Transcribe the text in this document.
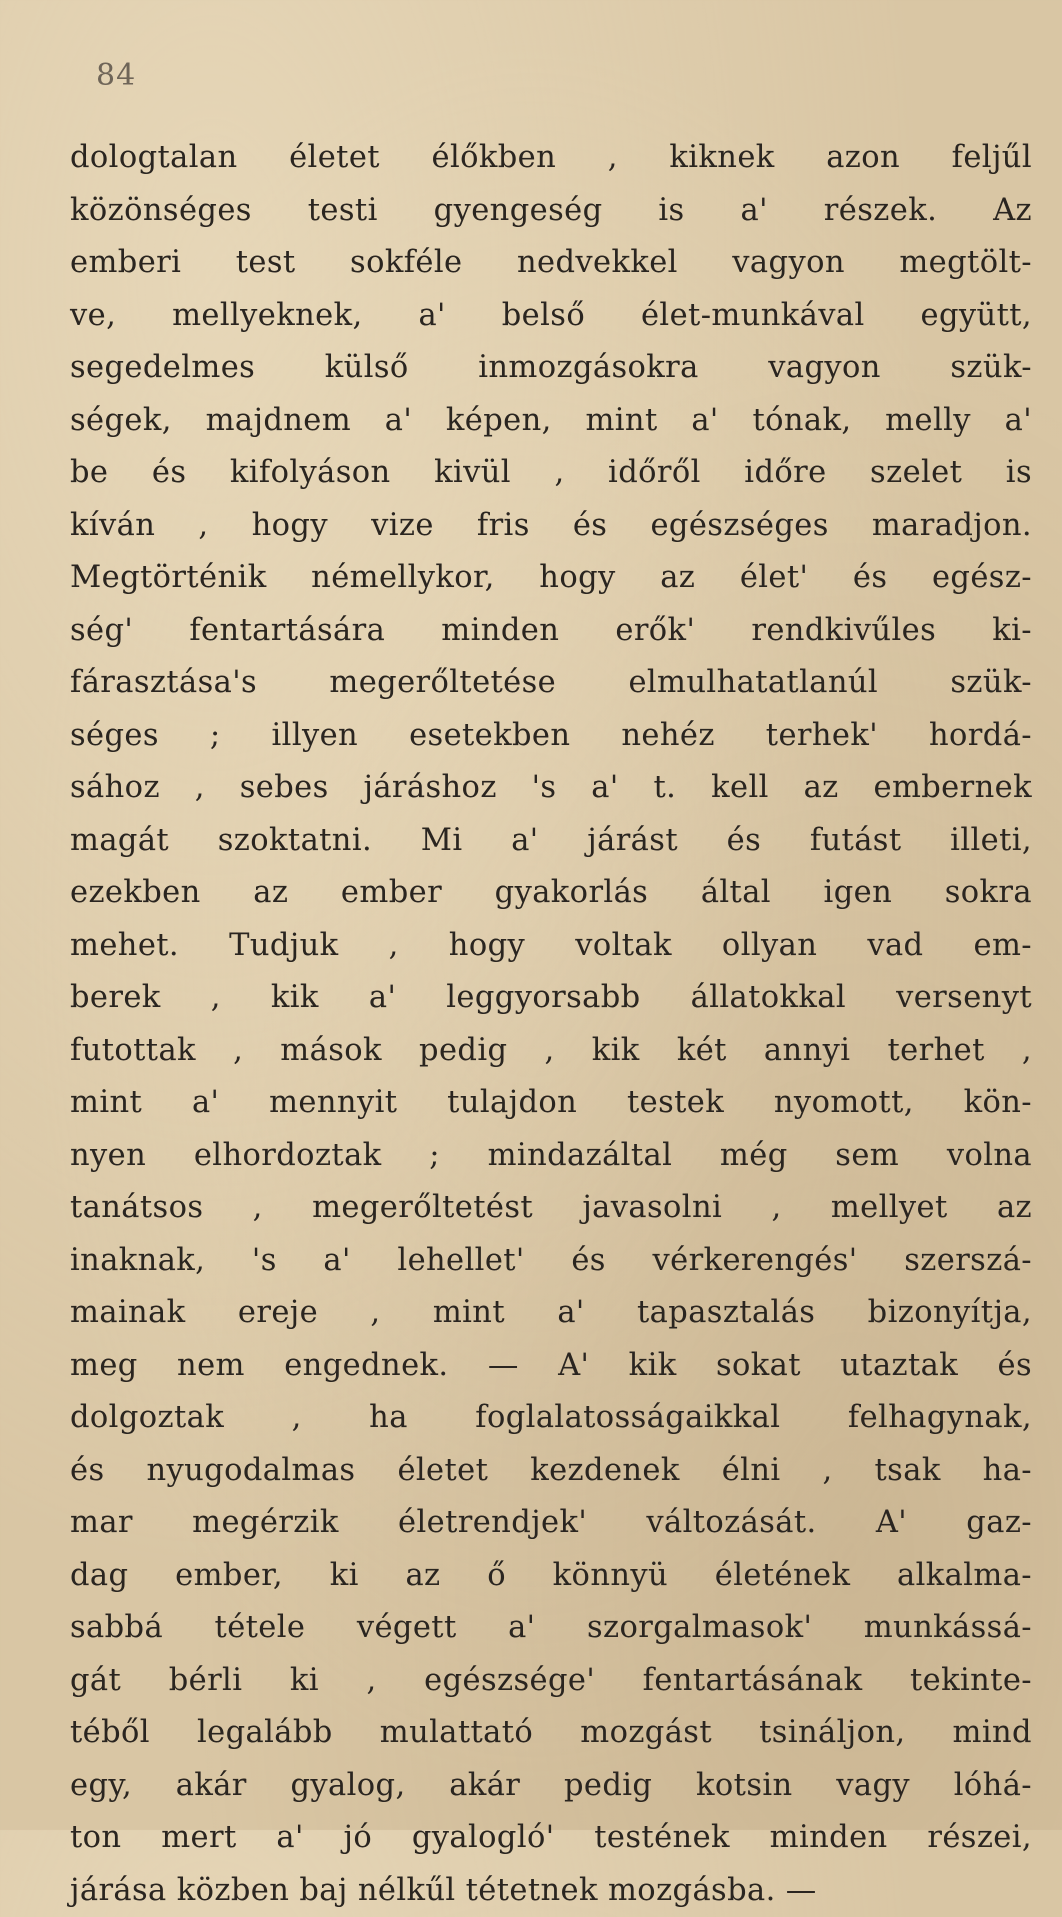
84
dologtalan életet élőkben , kiknek azon feljűl
közönséges testi gyengeség is a' részek. Az
emberi test sokféle nedvekkel vagyon megtölt-
ve, mellyeknek, a' belső élet-munkával együtt,
segedelmes külső inmozgásokra vagyon szük-
ségek, majdnem a' képen, mint a' tónak, melly a'
be és kifolyáson kivül , időről időre szelet is
kíván , hogy vize fris és egészséges maradjon.
Megtörténik némellykor, hogy az élet' és egész-
ség' fentartására minden erők' rendkivűles ki-
fárasztása's megerőltetése elmulhatatlanúl szük-
séges ; illyen esetekben nehéz terhek' hordá-
sához , sebes járáshoz 's a' t. kell az embernek
magát szoktatni. Mi a' járást és futást illeti,
ezekben az ember gyakorlás által igen sokra
mehet. Tudjuk , hogy voltak ollyan vad em-
berek , kik a' leggyorsabb állatokkal versenyt
futottak , mások pedig , kik két annyi terhet ,
mint a' mennyit tulajdon testek nyomott, kön-
nyen elhordoztak ; mindazáltal még sem volna
tanátsos , megerőltetést javasolni , mellyet az
inaknak, 's a' lehellet' és vérkerengés' szerszá-
mainak ereje , mint a' tapasztalás bizonyítja,
meg nem engednek. — A' kik sokat utaztak és
dolgoztak , ha foglalatosságaikkal felhagynak,
és nyugodalmas életet kezdenek élni , tsak ha-
mar megérzik életrendjek' változását. A' gaz-
dag ember, ki az ő könnyü életének alkalma-
sabbá tétele végett a' szorgalmasok' munkássá-
gát bérli ki , egészsége' fentartásának tekinte-
téből legalább mulattató mozgást tsináljon, mind
egy, akár gyalog, akár pedig kotsin vagy lóhá-
ton mert a' jó gyalogló' testének minden részei,
járása közben baj nélkűl tétetnek mozgásba. —
